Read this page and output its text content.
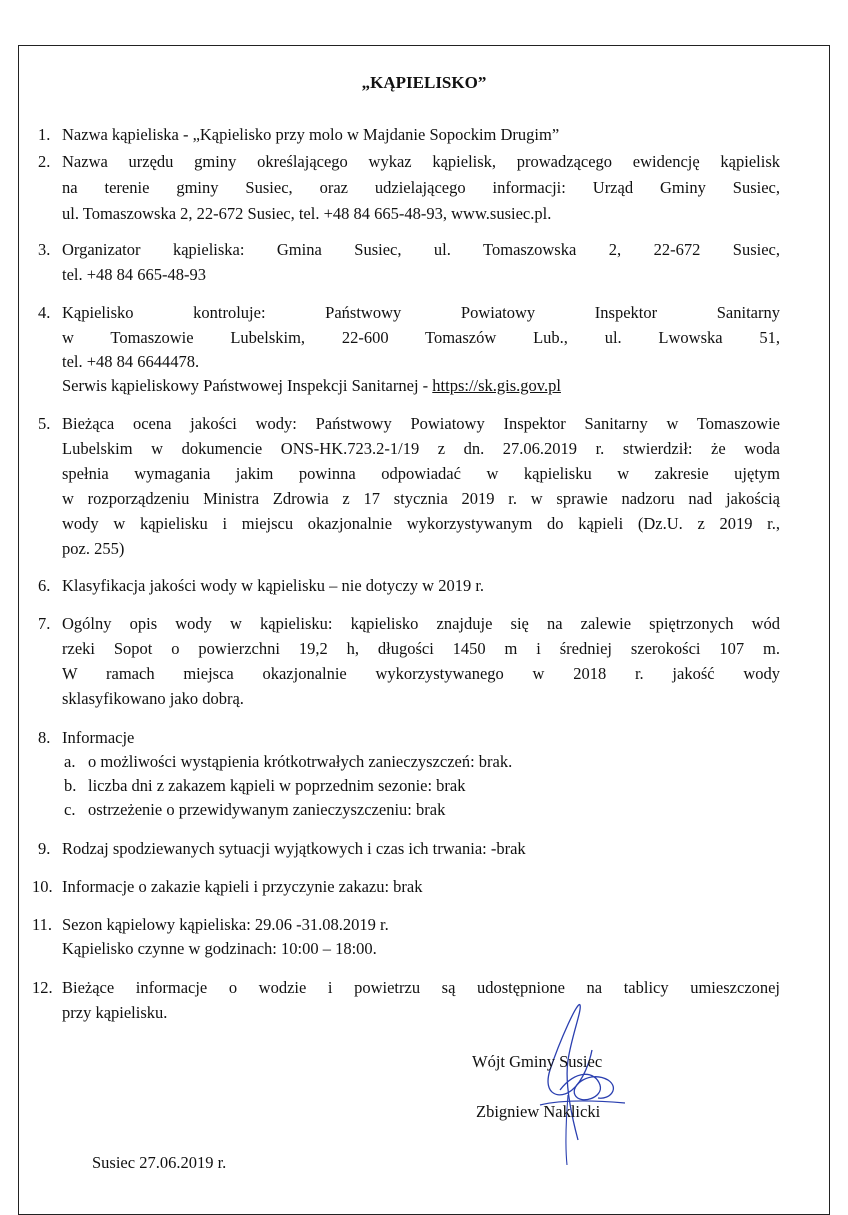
„KĄPIELISKO”
1. Nazwa kąpieliska - „Kąpielisko przy molo w Majdanie Sopockim Drugim”
2. Nazwa urzędu gminy określającego wykaz kąpielisk, prowadzącego ewidencję kąpielisk
na terenie gminy Susiec, oraz udzielającego informacji: Urząd Gminy Susiec,
ul. Tomaszowska 2, 22-672 Susiec, tel. +48 84 665-48-93, www.susiec.pl.
3. Organizator kąpieliska: Gmina Susiec, ul. Tomaszowska 2, 22-672 Susiec,
tel. +48 84 665-48-93
4. Kąpielisko kontroluje: Państwowy Powiatowy Inspektor Sanitarny
w Tomaszowie Lubelskim, 22-600 Tomaszów Lub., ul. Lwowska 51,
tel. +48 84 6644478.
Serwis kąpieliskowy Państwowej Inspekcji Sanitarnej - https://sk.gis.gov.pl
5. Bieżąca ocena jakości wody: Państwowy Powiatowy Inspektor Sanitarny w Tomaszowie
Lubelskim w dokumencie ONS-HK.723.2-1/19 z dn. 27.06.2019 r. stwierdził: że woda
spełnia wymagania jakim powinna odpowiadać w kąpielisku w zakresie ujętym
w rozporządzeniu Ministra Zdrowia z 17 stycznia 2019 r. w sprawie nadzoru nad jakością
wody w kąpielisku i miejscu okazjonalnie wykorzystywanym do kąpieli (Dz.U. z 2019 r.,
poz. 255)
6. Klasyfikacja jakości wody w kąpielisku – nie dotyczy w 2019 r.
7. Ogólny opis wody w kąpielisku: kąpielisko znajduje się na zalewie spiętrzonych wód
rzeki Sopot o powierzchni 19,2 h, długości 1450 m i średniej szerokości 107 m.
W ramach miejsca okazjonalnie wykorzystywanego w 2018 r. jakość wody
sklasyfikowano jako dobrą.
8. Informacje
a. o możliwości wystąpienia krótkotrwałych zanieczyszczeń: brak.
b. liczba dni z zakazem kąpieli w poprzednim sezonie: brak
c. ostrzeżenie o przewidywanym zanieczyszczeniu: brak
9. Rodzaj spodziewanych sytuacji wyjątkowych i czas ich trwania: -brak
10. Informacje o zakazie kąpieli i przyczynie zakazu: brak
11. Sezon kąpielowy kąpieliska: 29.06 -31.08.2019 r.
Kąpielisko czynne w godzinach: 10:00 – 18:00.
12. Bieżące informacje o wodzie i powietrzu są udostępnione na tablicy umieszczonej
przy kąpielisku.
Wójt Gminy Susiec
Zbigniew Naklicki
Susiec 27.06.2019 r.
